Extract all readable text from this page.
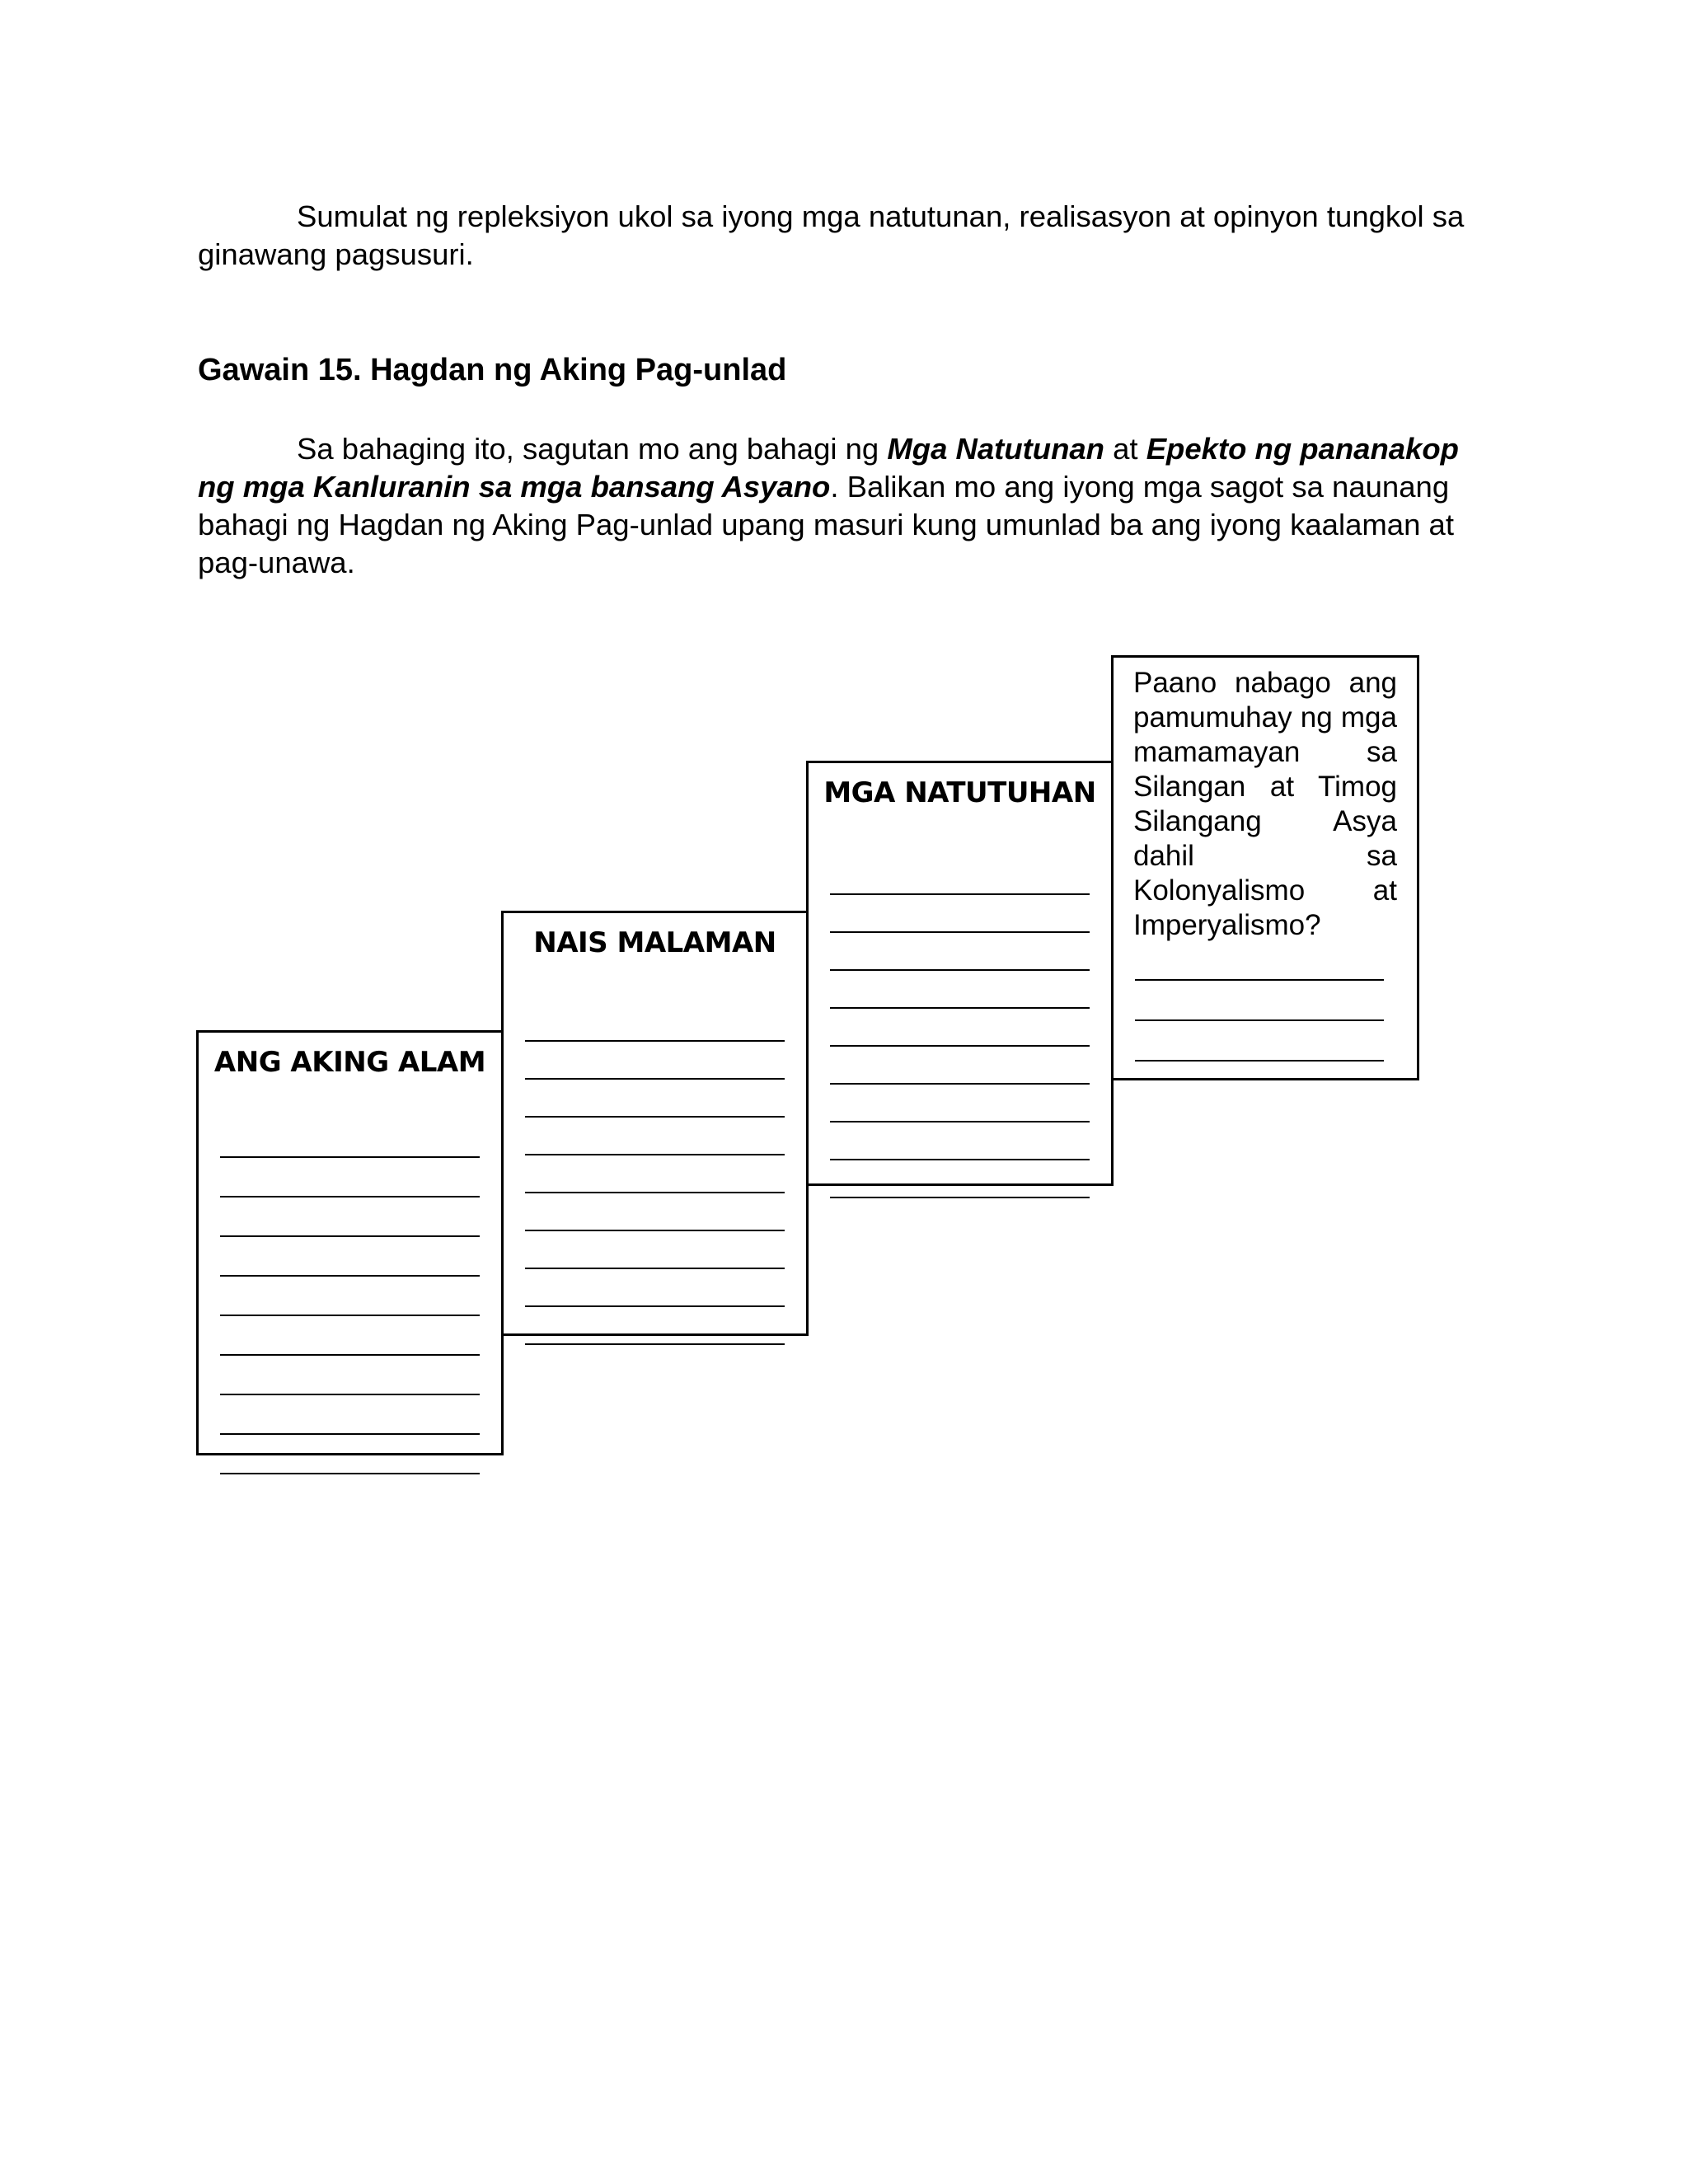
Sumulat ng repleksiyon ukol sa iyong mga natutunan, realisasyon at opinyon tungkol sa ginawang pagsusuri.

Gawain 15. Hagdan ng Aking Pag-unlad

Sa bahaging ito, sagutan mo ang bahagi ng Mga Natutunan at Epekto ng pananakop ng mga Kanluranin sa mga bansang Asyano. Balikan mo ang iyong mga sagot sa naunang bahagi ng Hagdan ng Aking Pag-unlad upang masuri kung umunlad ba ang iyong kaalaman at pag-unawa.

ANG AKING ALAM
NAIS MALAMAN
MGA NATUTUHAN
Paano nabago ang pamumuhay ng mga mamamayan sa Silangan at Timog Silangang Asya dahil sa Kolonyalismo at Imperyalismo?
